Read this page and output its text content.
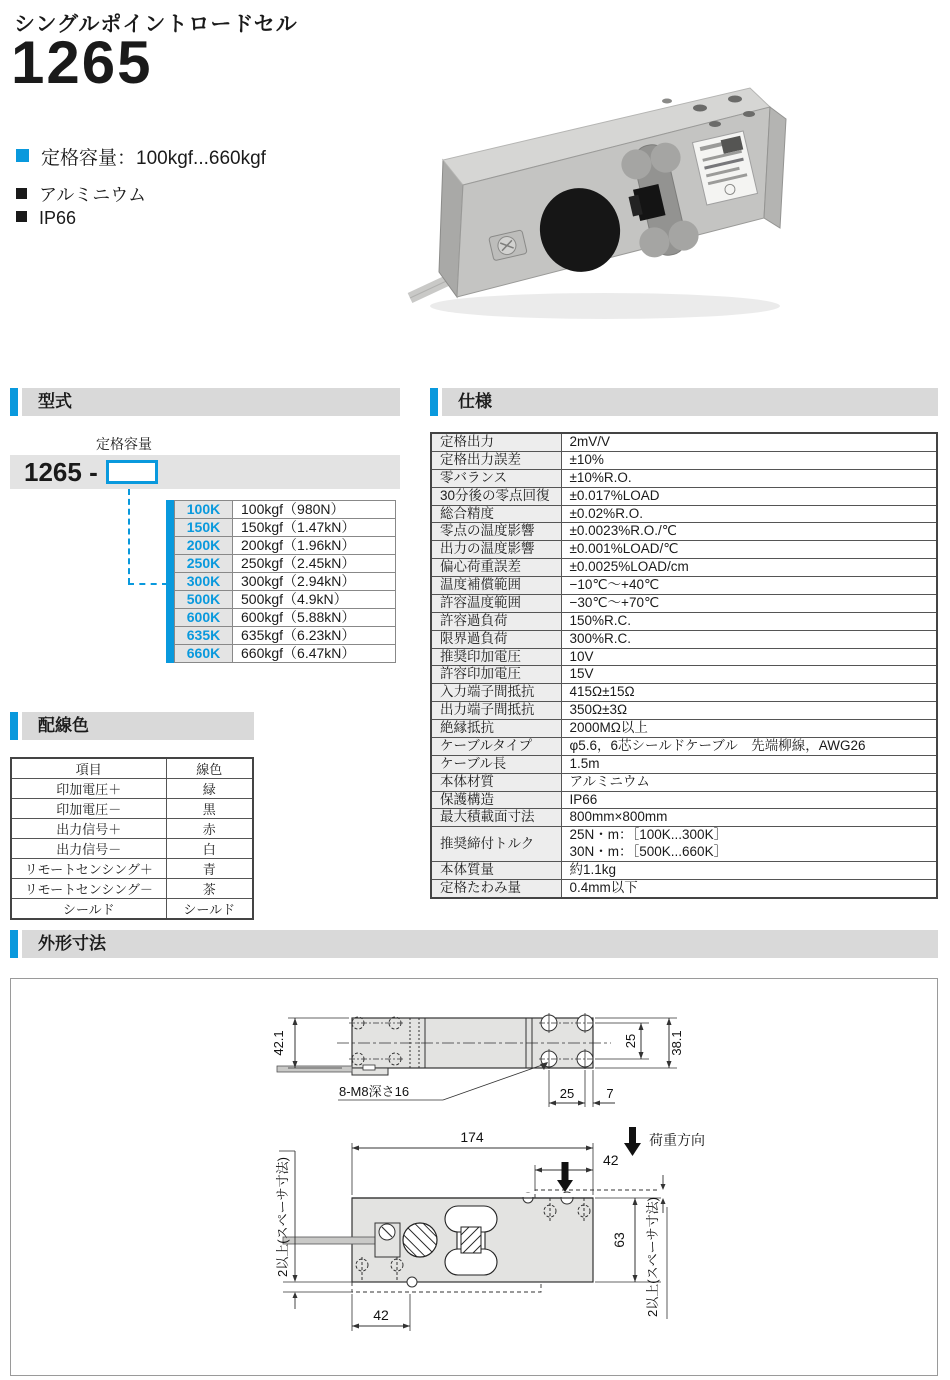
シングルポイントロードセル
1265
定格容量：100kgf...660kgf
アルミニウム
IP66
型式	仕様
配線色
外形寸法
定格容量
1265 -
100K	100kgf（980N）
150K	150kgf（1.47kN）
200K	200kgf（1.96kN）
250K	250kgf（2.45kN）
300K	300kgf（2.94kN）
500K	500kgf（4.9kN）
600K	600kgf（5.88kN）
635K	635kgf（6.23kN）
660K	660kgf（6.47kN）
定格出力	2mV/V
定格出力誤差	±10%
零バランス	±10%R.O.
30分後の零点回復	±0.017%LOAD
総合精度	±0.02%R.O.
零点の温度影響	±0.0023%R.O./℃
出力の温度影響	±0.001%LOAD/℃
偏心荷重誤差	±0.0025%LOAD/cm
温度補償範囲	−10℃～+40℃
許容温度範囲	−30℃～+70℃
許容過負荷	150%R.C.
限界過負荷	300%R.C.
推奨印加電圧	10V
許容印加電圧	15V
入力端子間抵抗	415Ω±15Ω
出力端子間抵抗	350Ω±3Ω
絶縁抵抗	2000MΩ以上
ケーブルタイプ	φ5.6，6芯シールドケーブル　先端柳線，AWG26
ケーブル長	1.5m
本体材質	アルミニウム
保護構造	IP66
最大積載面寸法	800mm×800mm
推奨締付トルク	25N・m：［100K...300K］
30N・m：［500K...660K］

本体質量	約1.1kg
定格たわみ量	0.4mm以下
項目	線色
印加電圧＋	緑
印加電圧－	黒
出力信号＋	赤
出力信号－	白
リモートセンシング＋	青
リモートセンシング－	茶
シールド	シールド
8-M8深さ16
42.1	25 38.1
25 7
174
42
荷重方向
63 2以上(スペーサ寸法)
2以上(スペーサ寸法)
42
